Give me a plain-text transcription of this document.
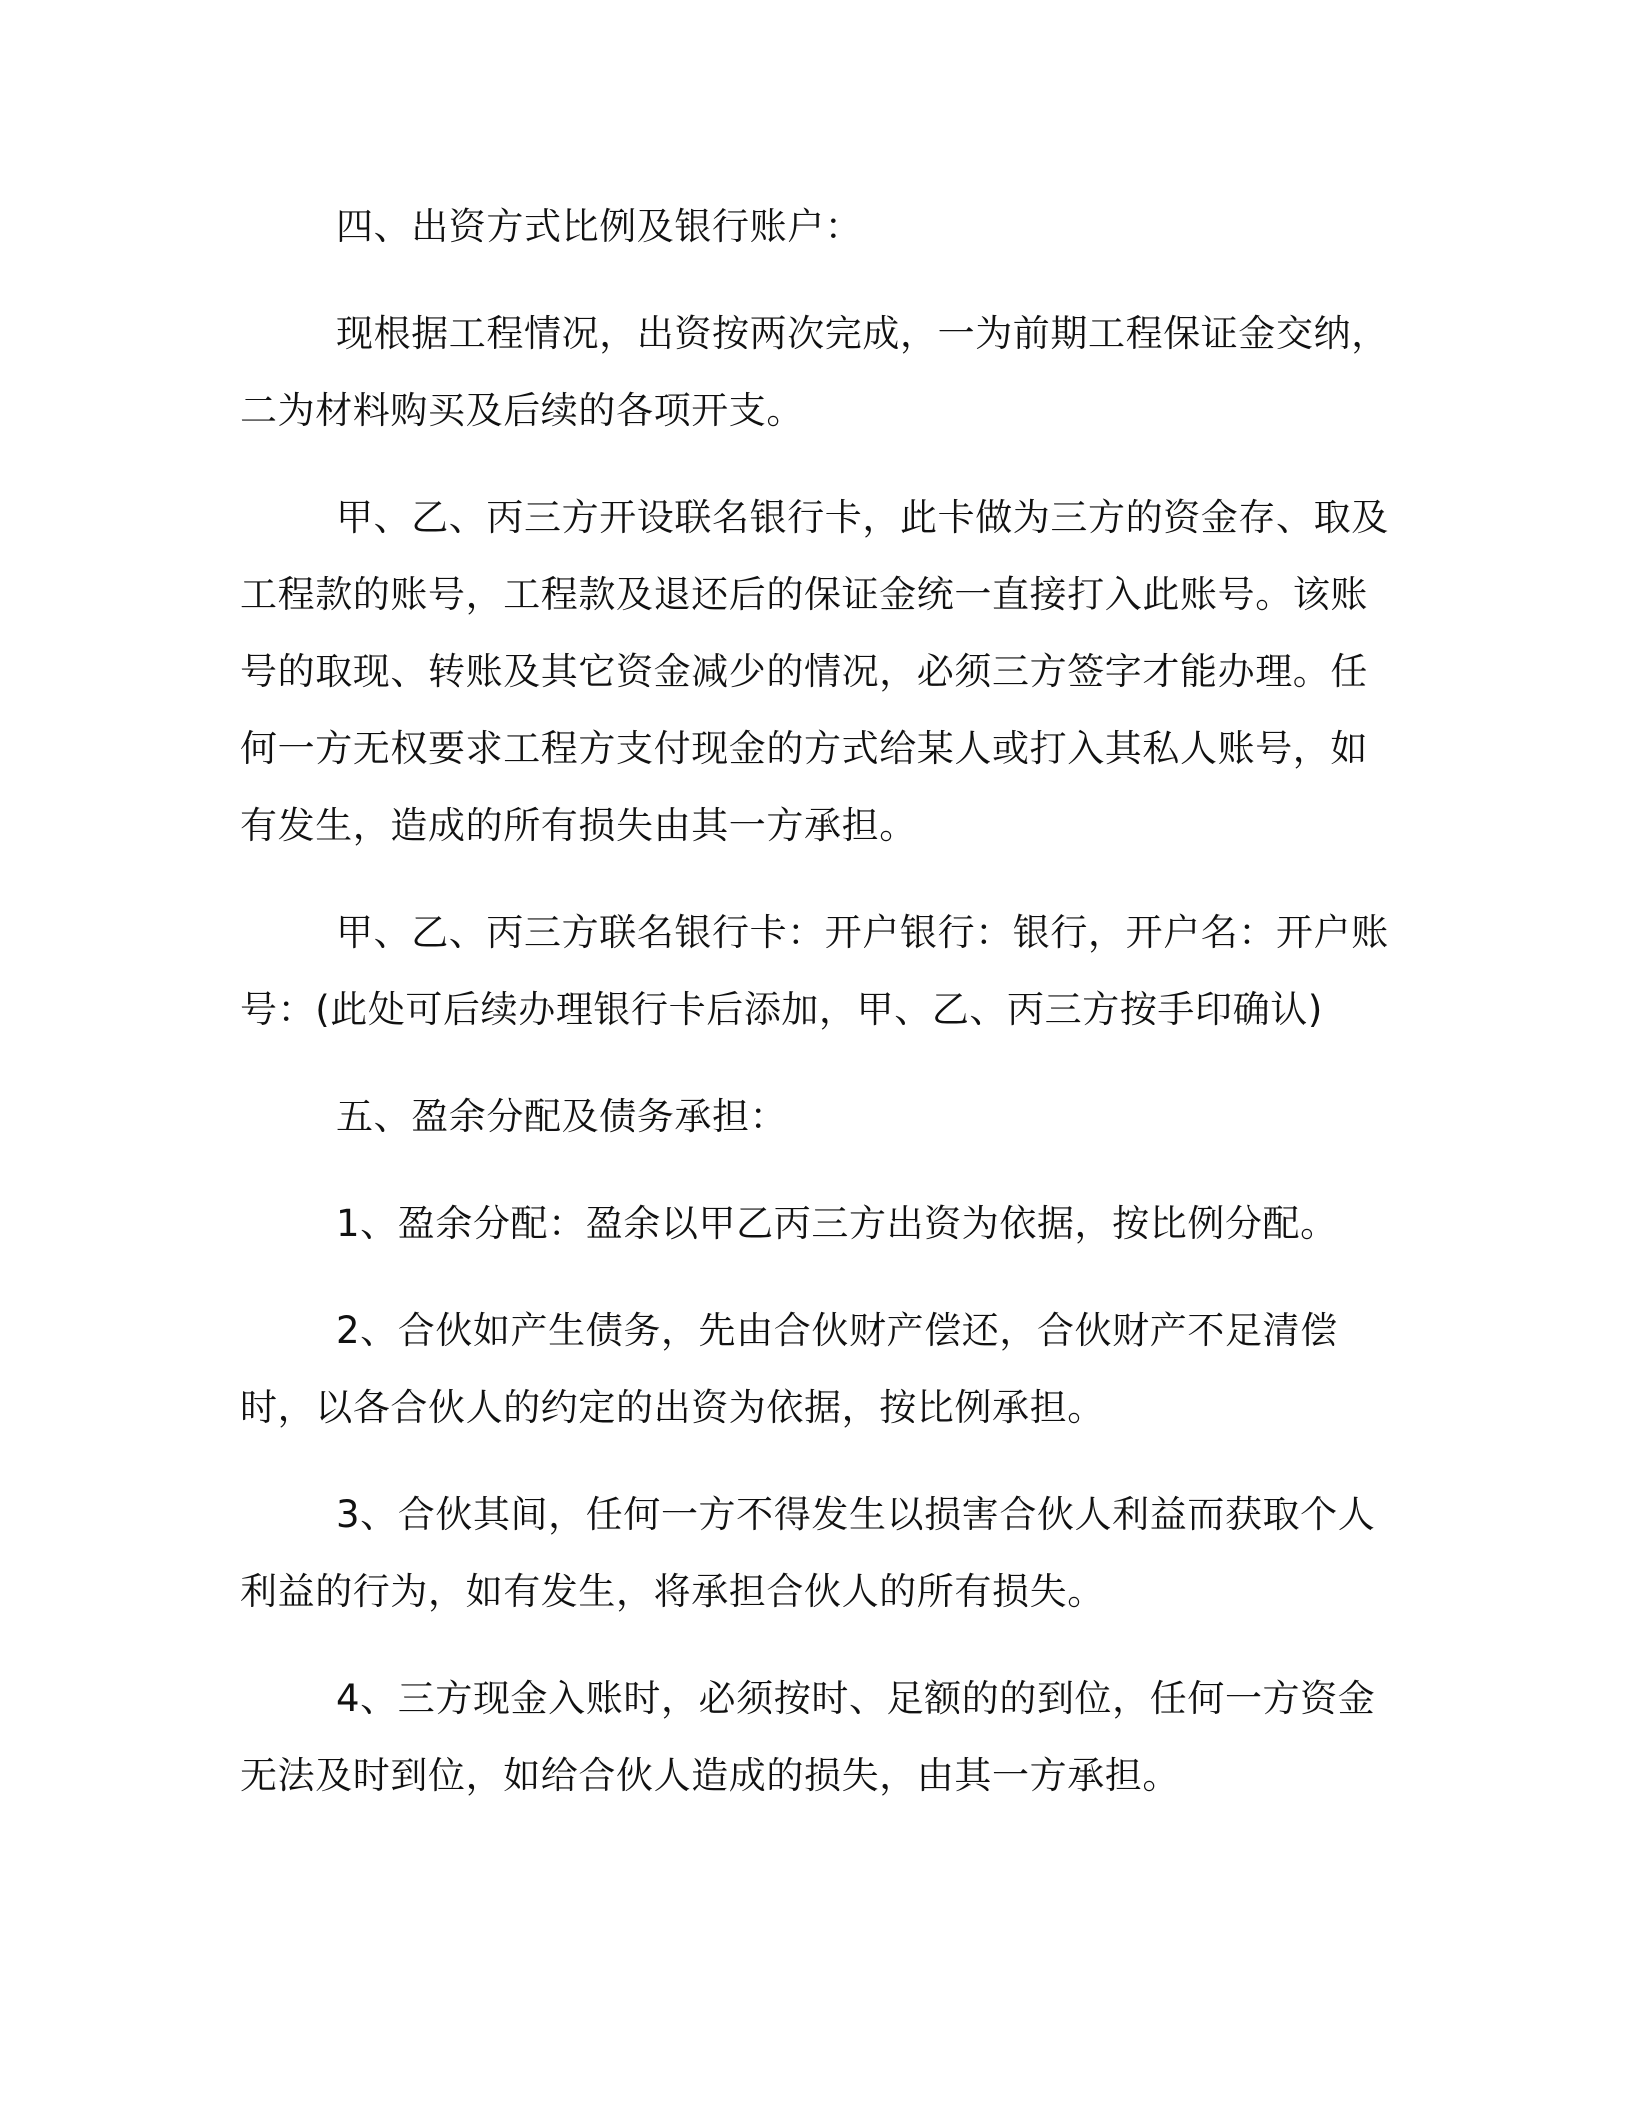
四、出资方式比例及银行账户：

现根据工程情况，出资按两次完成，一为前期工程保证金交纳，二为材料购买及后续的各项开支。

甲、乙、丙三方开设联名银行卡，此卡做为三方的资金存、取及工程款的账号，工程款及退还后的保证金统一直接打入此账号。该账号的取现、转账及其它资金减少的情况，必须三方签字才能办理。任何一方无权要求工程方支付现金的方式给某人或打入其私人账号，如有发生，造成的所有损失由其一方承担。

甲、乙、丙三方联名银行卡：开户银行：银行，开户名：开户账号：(此处可后续办理银行卡后添加，甲、乙、丙三方按手印确认)

五、盈余分配及债务承担：

1、盈余分配：盈余以甲乙丙三方出资为依据，按比例分配。

2、合伙如产生债务，先由合伙财产偿还，合伙财产不足清偿时，以各合伙人的约定的出资为依据，按比例承担。

3、合伙其间，任何一方不得发生以损害合伙人利益而获取个人利益的行为，如有发生，将承担合伙人的所有损失。

4、三方现金入账时，必须按时、足额的的到位，任何一方资金无法及时到位，如给合伙人造成的损失，由其一方承担。
